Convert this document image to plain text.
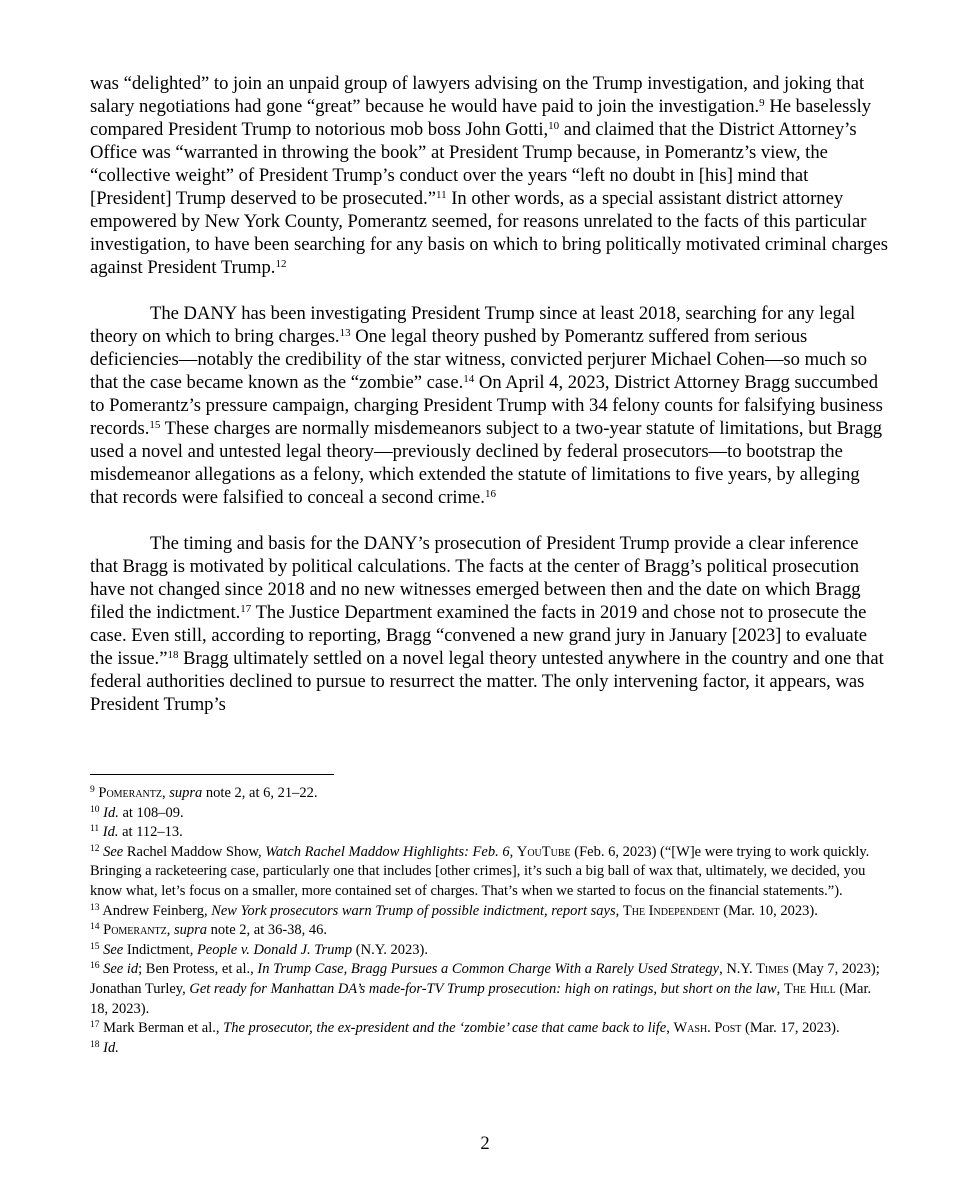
was “delighted” to join an unpaid group of lawyers advising on the Trump investigation, and joking that salary negotiations had gone “great” because he would have paid to join the investigation.$^9$ He baselessly compared President Trump to notorious mob boss John Gotti,$^{10}$ and claimed that the District Attorney’s Office was “warranted in throwing the book” at President Trump because, in Pomerantz’s view, the “collective weight” of President Trump’s conduct over the years “left no doubt in [his] mind that [President] Trump deserved to be prosecuted.”$^{11}$ In other words, as a special assistant district attorney empowered by New York County, Pomerantz seemed, for reasons unrelated to the facts of this particular investigation, to have been searching for any basis on which to bring politically motivated criminal charges against President Trump.$^{12}$

The DANY has been investigating President Trump since at least 2018, searching for any legal theory on which to bring charges.$^{13}$ One legal theory pushed by Pomerantz suffered from serious deficiencies—notably the credibility of the star witness, convicted perjurer Michael Cohen—so much so that the case became known as the “zombie” case.$^{14}$ On April 4, 2023, District Attorney Bragg succumbed to Pomerantz’s pressure campaign, charging President Trump with 34 felony counts for falsifying business records.$^{15}$ These charges are normally misdemeanors subject to a two-year statute of limitations, but Bragg used a novel and untested legal theory—previously declined by federal prosecutors—to bootstrap the misdemeanor allegations as a felony, which extended the statute of limitations to five years, by alleging that records were falsified to conceal a second crime.$^{16}$

The timing and basis for the DANY’s prosecution of President Trump provide a clear inference that Bragg is motivated by political calculations. The facts at the center of Bragg’s political prosecution have not changed since 2018 and no new witnesses emerged between then and the date on which Bragg filed the indictment.$^{17}$ The Justice Department examined the facts in 2019 and chose not to prosecute the case. Even still, according to reporting, Bragg “convened a new grand jury in January [2023] to evaluate the issue.”$^{18}$ Bragg ultimately settled on a novel legal theory untested anywhere in the country and one that federal authorities declined to pursue to resurrect the matter. The only intervening factor, it appears, was President Trump’s

$^9$ Pomerantz, supra note 2, at 6, 21–22.
$^{10}$ Id. at 108–09.
$^{11}$ Id. at 112–13.
$^{12}$ See Rachel Maddow Show, Watch Rachel Maddow Highlights: Feb. 6, YouTube (Feb. 6, 2023) (“[W]e were trying to work quickly. Bringing a racketeering case, particularly one that includes [other crimes], it’s such a big ball of wax that, ultimately, we decided, you know what, let’s focus on a smaller, more contained set of charges. That’s when we started to focus on the financial statements.”).
$^{13}$ Andrew Feinberg, New York prosecutors warn Trump of possible indictment, report says, The Independent (Mar. 10, 2023).
$^{14}$ Pomerantz, supra note 2, at 36-38, 46.
$^{15}$ See Indictment, People v. Donald J. Trump (N.Y. 2023).
$^{16}$ See id; Ben Protess, et al., In Trump Case, Bragg Pursues a Common Charge With a Rarely Used Strategy, N.Y. Times (May 7, 2023); Jonathan Turley, Get ready for Manhattan DA’s made-for-TV Trump prosecution: high on ratings, but short on the law, The Hill (Mar. 18, 2023).
$^{17}$ Mark Berman et al., The prosecutor, the ex-president and the ‘zombie’ case that came back to life, Wash. Post (Mar. 17, 2023).
$^{18}$ Id.
2
